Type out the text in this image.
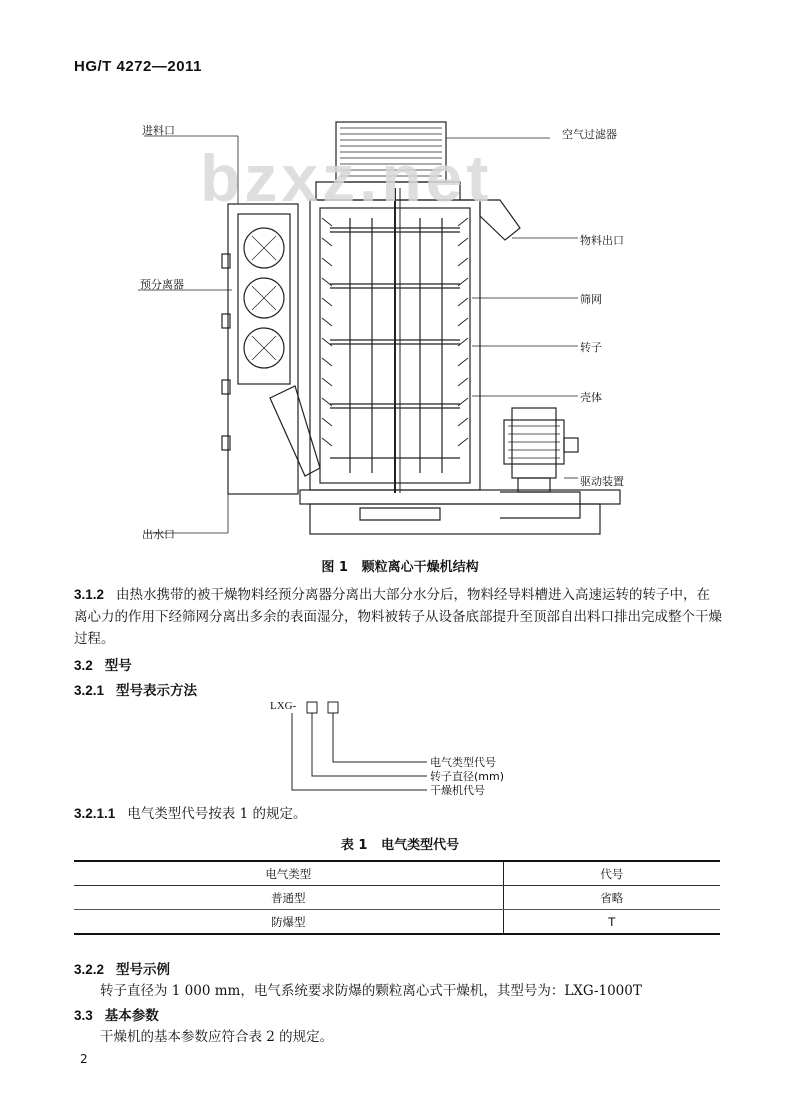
HG/T 4272—2011
进料口	空气过滤器
物料出口
预分离器
筛网
转子
壳体
驱动装置
出水口
bzxz.net
图 1 颗粒离心干燥机结构
3.1.2 由热水携带的被干燥物料经预分离器分离出大部分水分后，物料经导料槽进入高速运转的转子中，在离心力的作用下经筛网分离出多余的表面湿分，物料被转子从设备底部提升至顶部自出料口排出完成整个干燥过程。
3.2 型号
3.2.1 型号表示方法
LXG-
电气类型代号
转子直径(mm)
干燥机代号
3.2.1.1 电气类型代号按表 1 的规定。
表 1 电气类型代号
电气类型	代号
普通型	省略
防爆型	T
3.2.2 型号示例
转子直径为 1 000 mm，电气系统要求防爆的颗粒离心式干燥机，其型号为：LXG-1000T
3.3 基本参数
干燥机的基本参数应符合表 2 的规定。
2
